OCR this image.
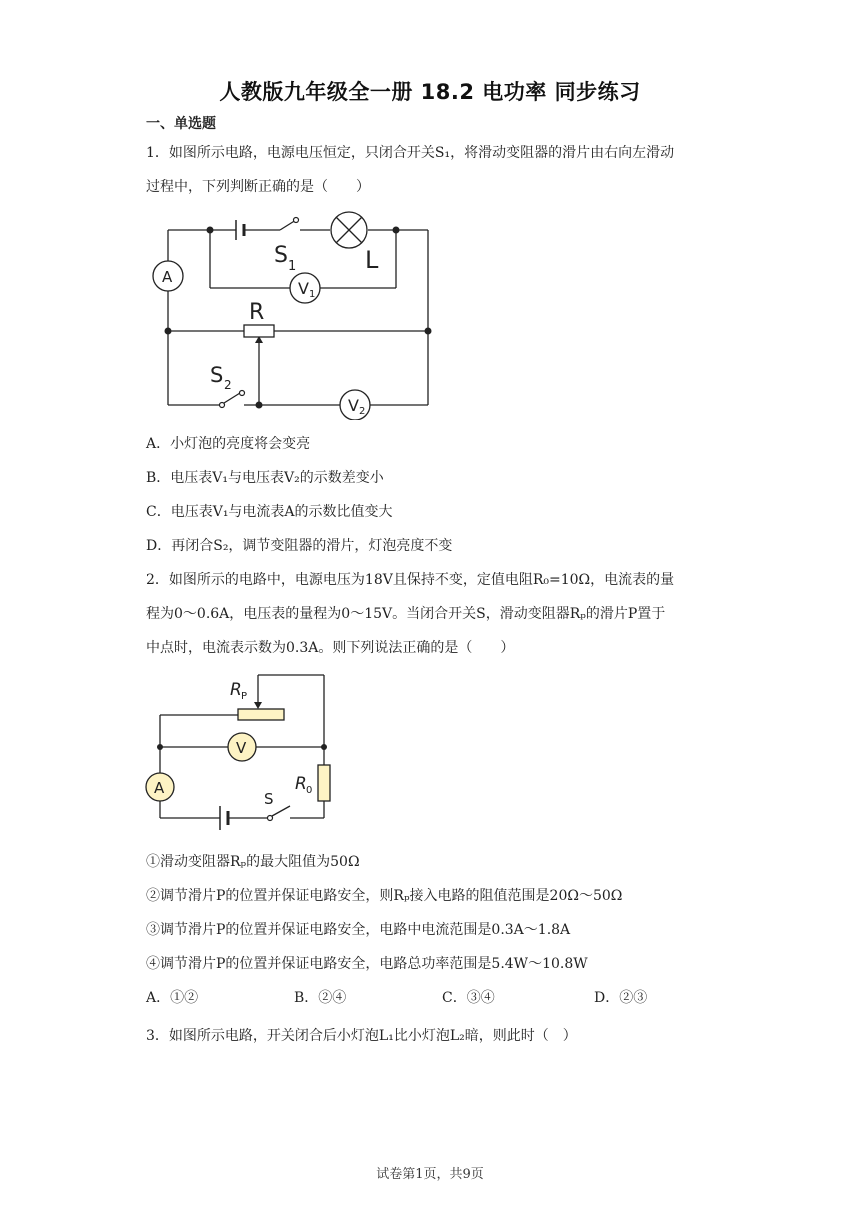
人教版九年级全一册 18.2 电功率 同步练习
一、单选题
1．如图所示电路，电源电压恒定，只闭合开关S₁，将滑动变阻器的滑片由右向左滑动
过程中，下列判断正确的是（　　）
V 1
A
V 2
S 1	L
R
S 2
A．小灯泡的亮度将会变亮
B．电压表V₁与电压表V₂的示数差变小
C．电压表V₁与电流表A的示数比值变大
D．再闭合S₂，调节变阻器的滑片，灯泡亮度不变
2．如图所示的电路中，电源电压为18V且保持不变，定值电阻R₀=10Ω，电流表的量
程为0～0.6A，电压表的量程为0～15V。当闭合开关S，滑动变阻器Rₚ的滑片P置于
中点时，电流表示数为0.3A。则下列说法正确的是（　　）
V
A
R P
R 0
S
①滑动变阻器Rₚ的最大阻值为50Ω
②调节滑片P的位置并保证电路安全，则Rₚ接入电路的阻值范围是20Ω～50Ω
③调节滑片P的位置并保证电路安全，电路中电流范围是0.3A～1.8A
④调节滑片P的位置并保证电路安全，电路总功率范围是5.4W～10.8W
A．①②	B．②④	C．③④	D．②③
3．如图所示电路，开关闭合后小灯泡L₁比小灯泡L₂暗，则此时（　）
试卷第1页，共9页
